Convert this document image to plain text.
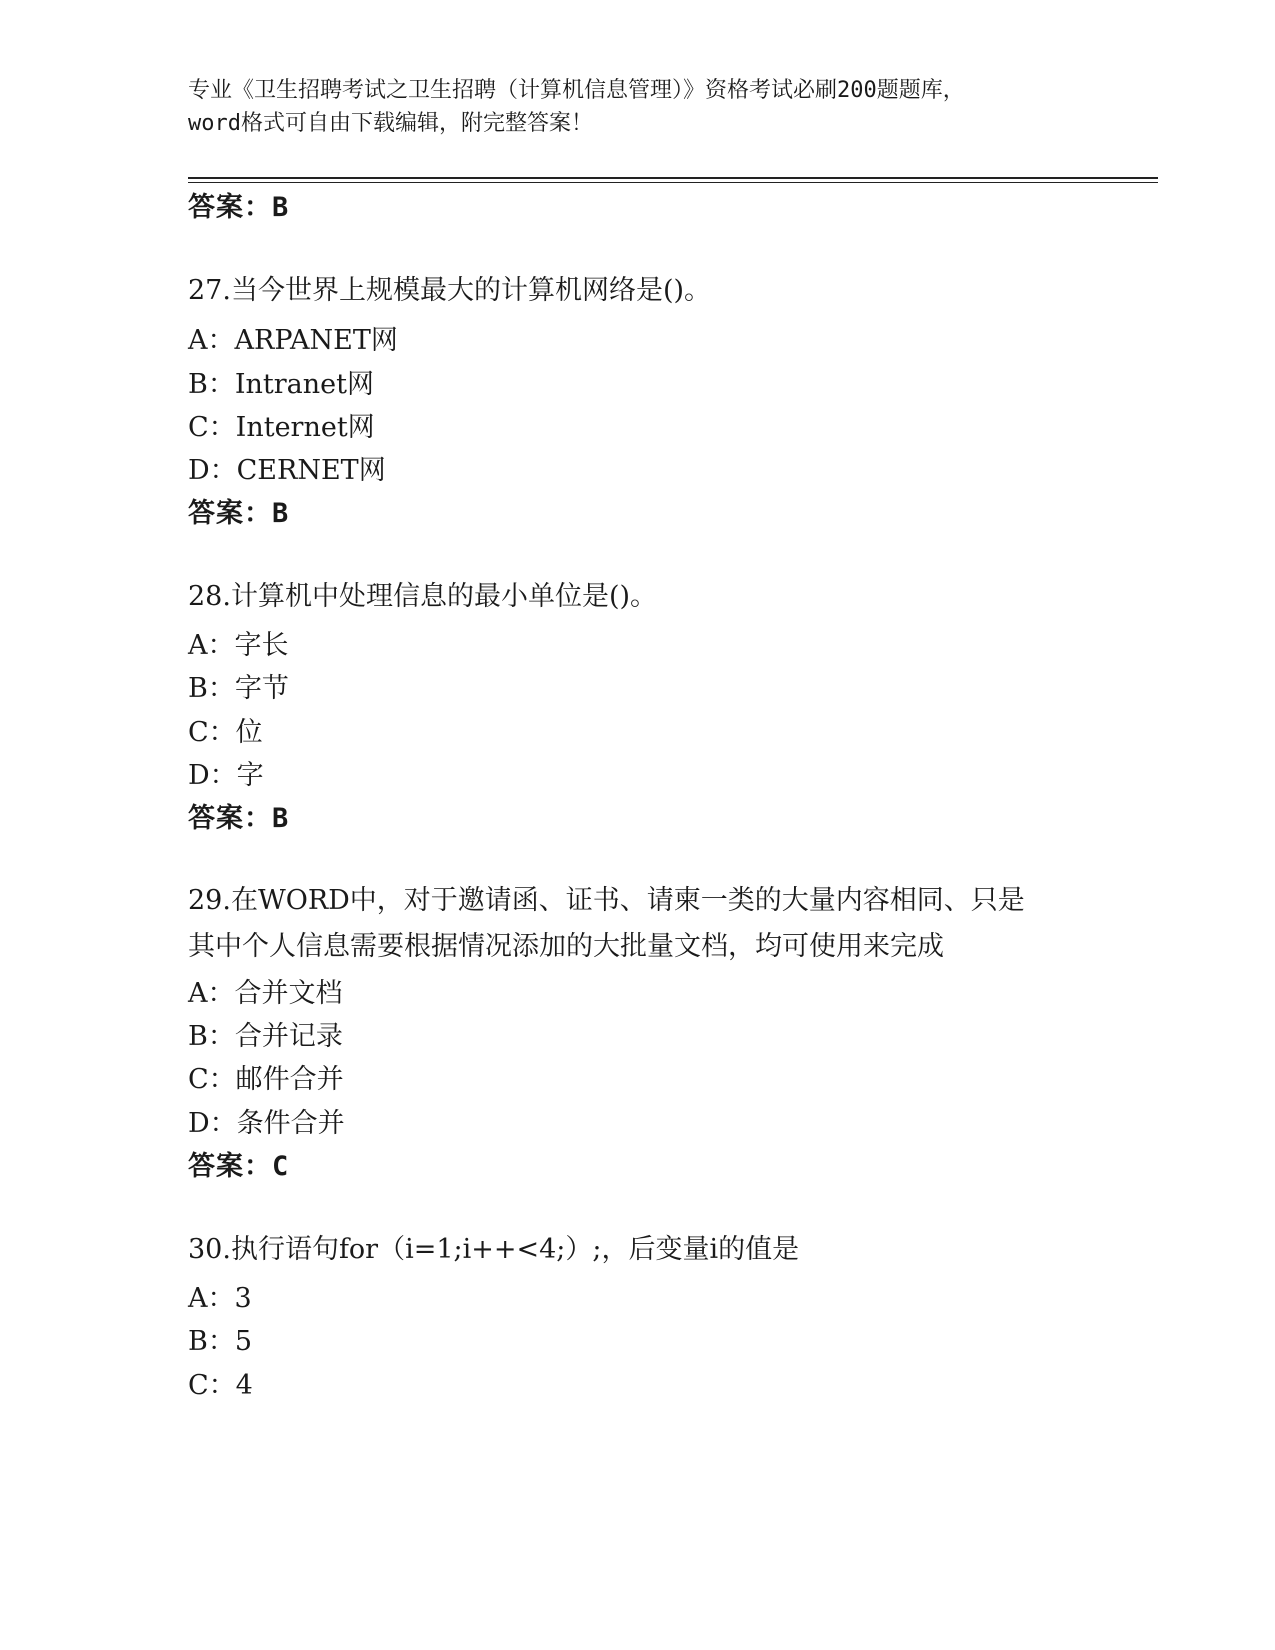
专业《卫生招聘考试之卫生招聘（计算机信息管理）》资格考试必刷200题题库，
word格式可自由下载编辑，附完整答案！
答案：B
27.当今世界上规模最大的计算机网络是()。
A：ARPANET网
B：Intranet网
C：Internet网
D：CERNET网
答案：B
28.计算机中处理信息的最小单位是()。
A：字长
B：字节
C：位
D：字
答案：B
29.在WORD中，对于邀请函、证书、请柬一类的大量内容相同、只是
其中个人信息需要根据情况添加的大批量文档，均可使用来完成
A：合并文档
B：合并记录
C：邮件合并
D：条件合并
答案：C
30.执行语句for（i=1;i++<4;）;，后变量i的值是
A：3
B：5
C：4
